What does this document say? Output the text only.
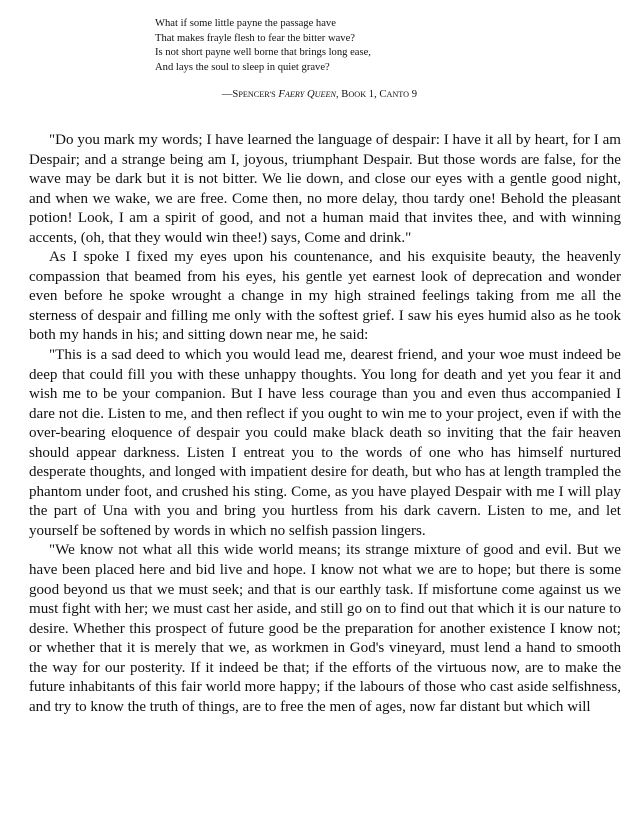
What if some little payne the passage have
That makes frayle flesh to fear the bitter wave?
Is not short payne well borne that brings long ease,
And lays the soul to sleep in quiet grave?
—SPENCER'S FAERY QUEEN, BOOK 1, CANTO 9

"Do you mark my words; I have learned the language of despair: I have it all by heart, for I am Despair; and a strange being am I, joyous, triumphant Despair. But those words are false, for the wave may be dark but it is not bitter. We lie down, and close our eyes with a gentle good night, and when we wake, we are free. Come then, no more delay, thou tardy one! Behold the pleasant potion! Look, I am a spirit of good, and not a human maid that invites thee, and with winning accents, (oh, that they would win thee!) says, Come and drink."

As I spoke I fixed my eyes upon his countenance, and his exquisite beauty, the heavenly compassion that beamed from his eyes, his gentle yet earnest look of deprecation and wonder even before he spoke wrought a change in my high strained feelings taking from me all the sterness of despair and filling me only with the softest grief. I saw his eyes humid also as he took both my hands in his; and sitting down near me, he said:

"This is a sad deed to which you would lead me, dearest friend, and your woe must indeed be deep that could fill you with these unhappy thoughts. You long for death and yet you fear it and wish me to be your companion. But I have less courage than you and even thus accompanied I dare not die. Listen to me, and then reflect if you ought to win me to your project, even if with the over-bearing eloquence of despair you could make black death so inviting that the fair heaven should appear darkness. Listen I entreat you to the words of one who has himself nurtured desperate thoughts, and longed with impatient desire for death, but who has at length trampled the phantom under foot, and crushed his sting. Come, as you have played Despair with me I will play the part of Una with you and bring you hurtless from his dark cavern. Listen to me, and let yourself be softened by words in which no selfish passion lingers.

"We know not what all this wide world means; its strange mixture of good and evil. But we have been placed here and bid live and hope. I know not what we are to hope; but there is some good beyond us that we must seek; and that is our earthly task. If misfortune come against us we must fight with her; we must cast her aside, and still go on to find out that which it is our nature to desire. Whether this prospect of future good be the preparation for another existence I know not; or whether that it is merely that we, as workmen in God's vineyard, must lend a hand to smooth the way for our posterity. If it indeed be that; if the efforts of the virtuous now, are to make the future inhabitants of this fair world more happy; if the labours of those who cast aside selfishness, and try to know the truth of things, are to free the men of ages, now far distant but which will
